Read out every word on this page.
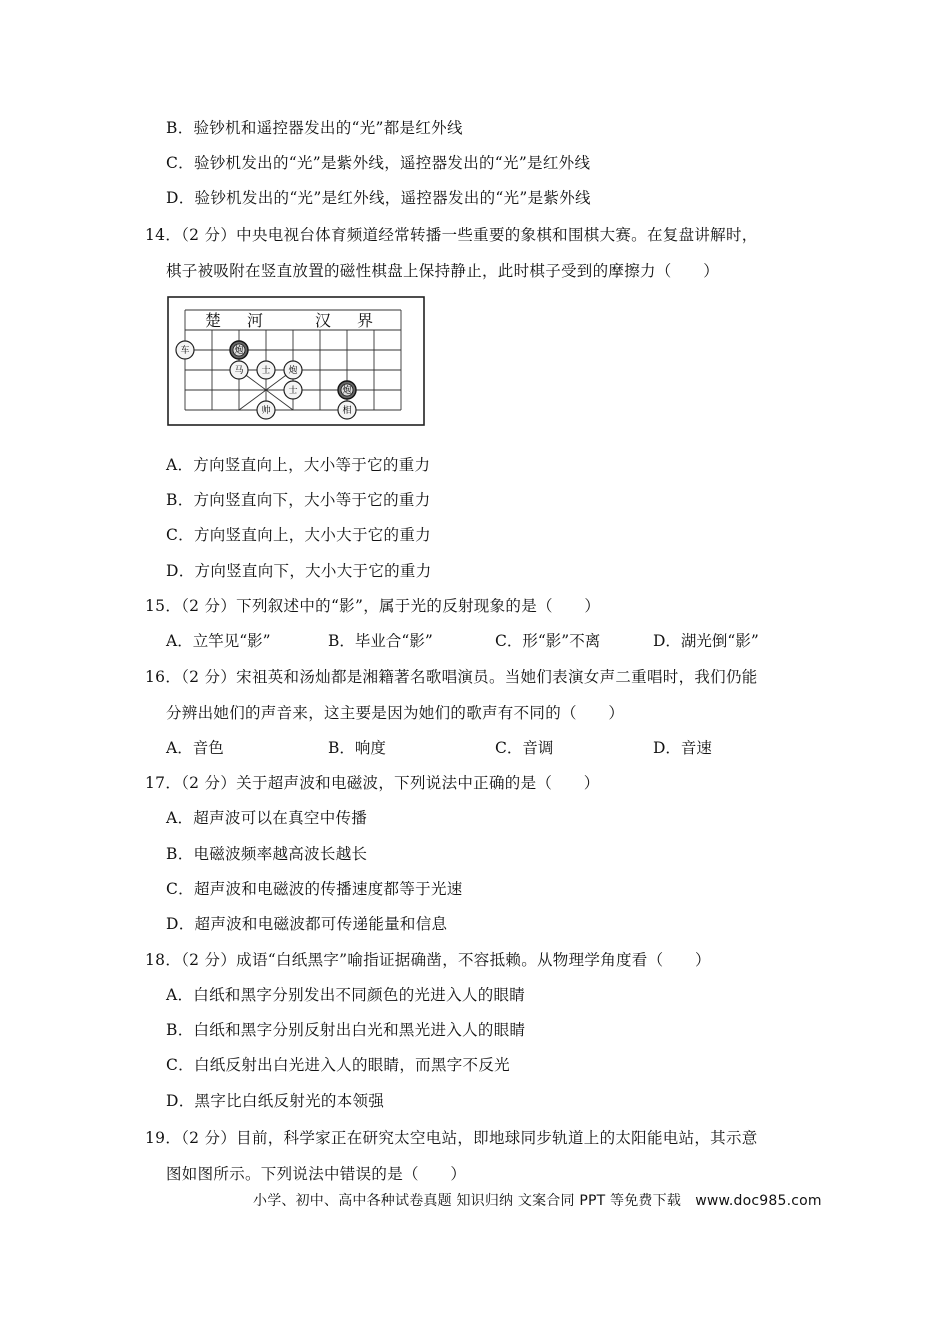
B．验钞机和遥控器发出的“光”都是红外线
C．验钞机发出的“光”是紫外线，遥控器发出的“光”是红外线
D．验钞机发出的“光”是红外线，遥控器发出的“光”是紫外线
14．（2 分）中央电视台体育频道经常转播一些重要的象棋和围棋大赛。在复盘讲解时，
棋子被吸附在竖直放置的磁性棋盘上保持静止，此时棋子受到的摩擦力（　　）
楚 河	汉 界
车	炮
马 士 炮
士
帅
炮
相
A．方向竖直向上，大小等于它的重力
B．方向竖直向下，大小等于它的重力
C．方向竖直向上，大小大于它的重力
D．方向竖直向下，大小大于它的重力
15．（2 分）下列叙述中的“影”，属于光的反射现象的是（　　）
A．立竿见“影”	B．毕业合“影”	C．形“影”不离	D．湖光倒“影”
16．（2 分）宋祖英和汤灿都是湘籍著名歌唱演员。当她们表演女声二重唱时，我们仍能
分辨出她们的声音来，这主要是因为她们的歌声有不同的（　　）
A．音色	B．响度	C．音调	D．音速
17．（2 分）关于超声波和电磁波，下列说法中正确的是（　　）
A．超声波可以在真空中传播
B．电磁波频率越高波长越长
C．超声波和电磁波的传播速度都等于光速
D．超声波和电磁波都可传递能量和信息
18．（2 分）成语“白纸黑字”喻指证据确凿，不容抵赖。从物理学角度看（　　）
A．白纸和黑字分别发出不同颜色的光进入人的眼睛
B．白纸和黑字分别反射出白光和黑光进入人的眼睛
C．白纸反射出白光进入人的眼睛，而黑字不反光
D．黑字比白纸反射光的本领强
19．（2 分）目前，科学家正在研究太空电站，即地球同步轨道上的太阳能电站，其示意
图如图所示。下列说法中错误的是（　　）
小学、初中、高中各种试卷真题 知识归纳 文案合同 PPT 等免费下载　www.doc985.com
